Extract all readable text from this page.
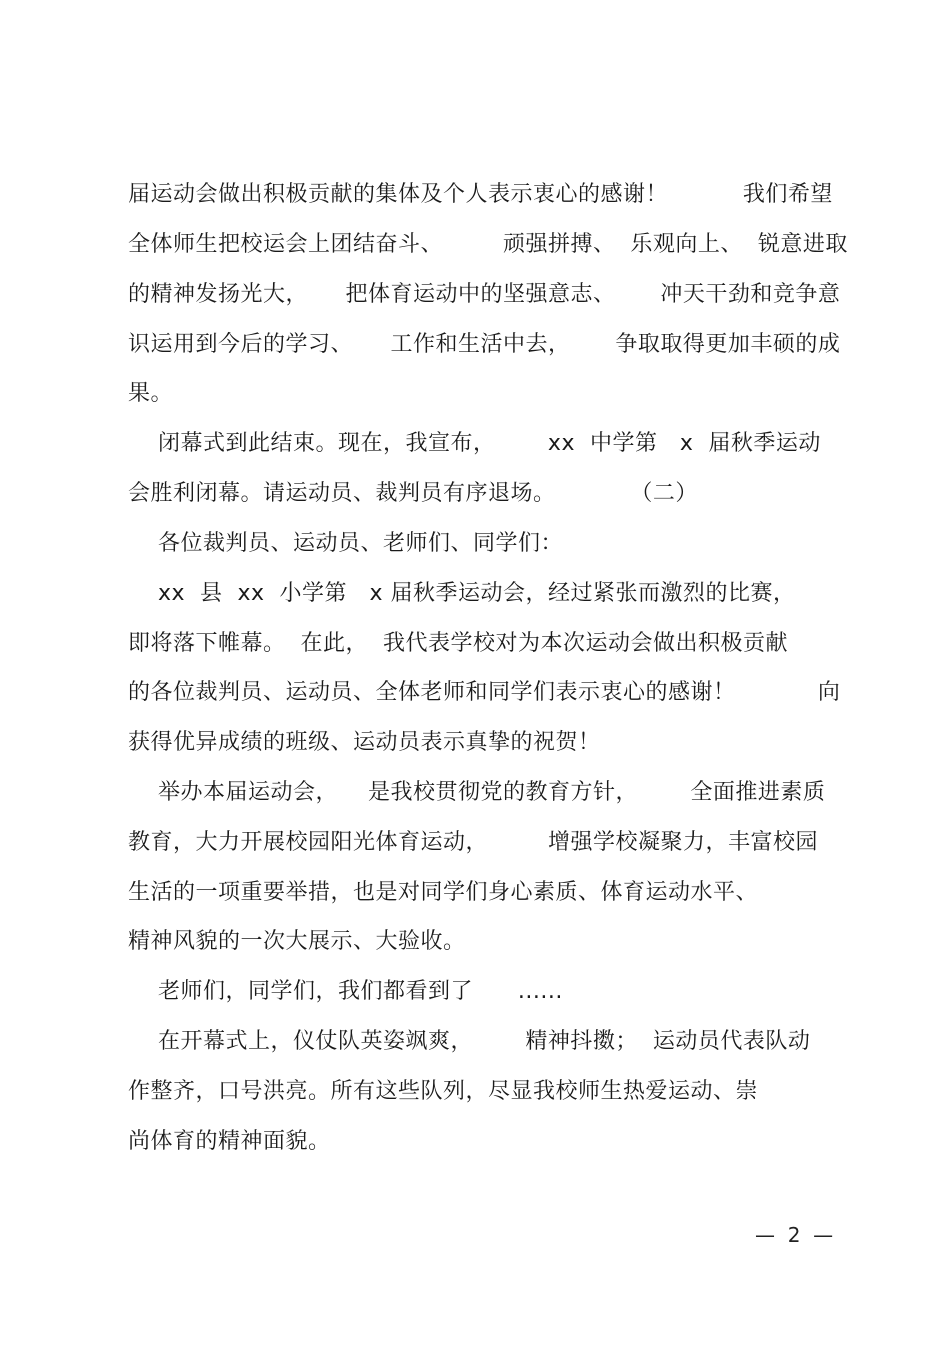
届运动会做出积极贡献的集体及个人表示衷心的感谢！          我们希望
全体师生把校运会上团结奋斗、        顽强拼搏、  乐观向上、  锐意进取
的精神发扬光大，     把体育运动中的坚强意志、      冲天干劲和竞争意
识运用到今后的学习、     工作和生活中去，      争取取得更加丰硕的成
果。
闭幕式到此结束。现在，我宣布，       xx  中学第   x  届秋季运动
会胜利闭幕。请运动员、裁判员有序退场。          （二）
各位裁判员、运动员、老师们、同学们：
xx  县  xx  小学第   x 届秋季运动会，经过紧张而激烈的比赛，
即将落下帷幕。  在此，  我代表学校对为本次运动会做出积极贡献
的各位裁判员、运动员、全体老师和同学们表示衷心的感谢！           向
获得优异成绩的班级、运动员表示真挚的祝贺！
举办本届运动会，    是我校贯彻党的教育方针，       全面推进素质
教育，大力开展校园阳光体育运动，        增强学校凝聚力，丰富校园
生活的一项重要举措，也是对同学们身心素质、体育运动水平、
精神风貌的一次大展示、大验收。
老师们，同学们，我们都看到了      ......
在开幕式上，仪仗队英姿飒爽，       精神抖擞；  运动员代表队动
作整齐，口号洪亮。所有这些队列，尽显我校师生热爱运动、崇
尚体育的精神面貌。
—  2  —
